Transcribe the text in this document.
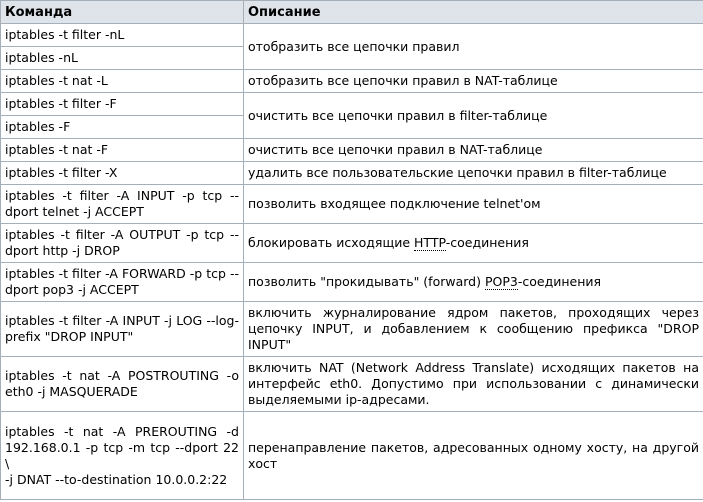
Команда	Описание
iptables -t filter -nL	отобразить все цепочки правил
iptables -nL	
iptables -t nat -L	отобразить все цепочки правил в NAT-таблице
iptables -t filter -F	очистить все цепочки правил в filter-таблице
iptables -F	
iptables -t nat -F	очистить все цепочки правил в NAT-таблице
iptables -t filter -X	удалить все пользовательские цепочки правил в filter-таблице
iptables -t filter -A INPUT -p tcp --dport telnet -j ACCEPT	позволить входящее подключение telnet'ом
iptables -t filter -A OUTPUT -p tcp --dport http -j DROP	блокировать исходящие HTTP-соединения
iptables -t filter -A FORWARD -p tcp --dport pop3 -j ACCEPT	позволить "прокидывать" (forward) POP3-соединения
iptables -t filter -A INPUT -j LOG --log-prefix "DROP INPUT"	включить журналирование ядром пакетов, проходящих через цепочку INPUT, и добавлением к сообщению префикса "DROP INPUT"
iptables -t nat -A POSTROUTING -o eth0 -j MASQUERADE	включить NAT (Network Address Translate) исходящих пакетов на интерфейс eth0. Допустимо при использовании с динамически выделяемыми ip-адресами.
iptables -t nat -A PREROUTING -d 192.168.0.1 -p tcp -m tcp --dport 22 \
-j DNAT --to-destination 10.0.0.2:22	перенаправление пакетов, адресованных одному хосту, на другой хост
